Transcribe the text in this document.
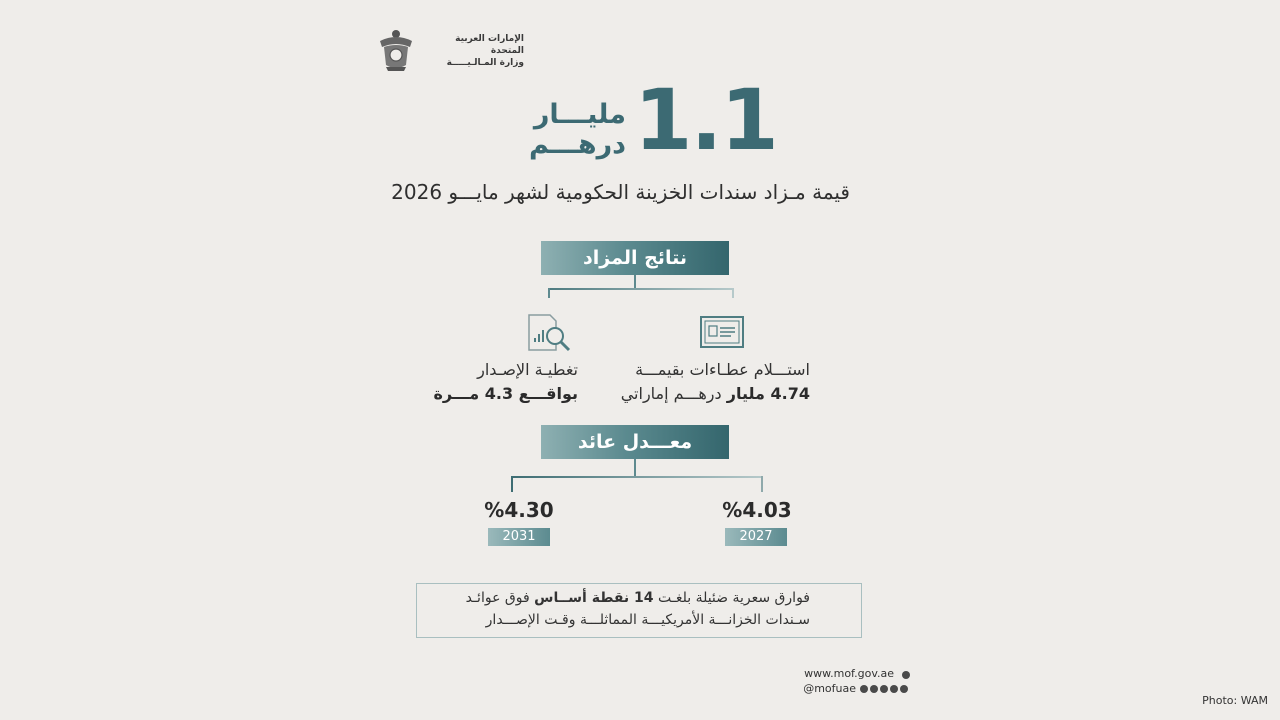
الإمارات العربية المتحدة
وزارة المـالـيـــــة
1.1
مليـــار
درهـــم
قيمة مـزاد سندات الخزينة الحكومية لشهر مايـــو 2026
نتائج المزاد
استـــلام عطـاءات بقيمـــة
4.74 مليار درهـــم إماراتي
تغطيـة الإصـدار
بواقـــع 4.3 مـــرة
معـــدل عائد
%4.30	%4.03
2031	2027
فوارق سعرية ضئيلة بلغـت 14 نقطة أســاس فوق عوائـد
سـندات الخزانـــة الأمريكيـــة المماثلـــة وقـت الإصـــدار
www.mof.gov.ae
@mofuae
Photo: WAM
